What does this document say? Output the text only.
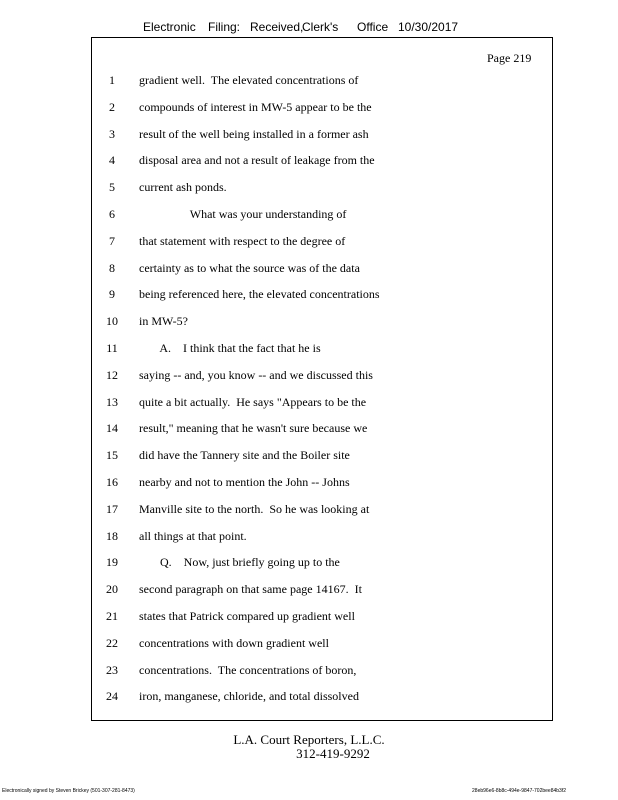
Electronic Filing: Received,
Clerk's Office 10/30/2017
Page 219
1	gradient well.  The elevated concentrations of
2	compounds of interest in MW-5 appear to be the
3	result of the well being installed in a former ash
4	disposal area and not a result of leakage from the
5	current ash ponds.
6	What was your understanding of
7	that statement with respect to the degree of
8	certainty as to what the source was of the data
9	being referenced here, the elevated concentrations
10	in MW-5?
11	A.    I think that the fact that he is
12	saying -- and, you know -- and we discussed this
13	quite a bit actually.  He says "Appears to be the
14	result," meaning that he wasn't sure because we
15	did have the Tannery site and the Boiler site
16	nearby and not to mention the John -- Johns
17	Manville site to the north.  So he was looking at
18	all things at that point.
19	Q.    Now, just briefly going up to the
20	second paragraph on that same page 14167.  It
21	states that Patrick compared up gradient well
22	concentrations with down gradient well
23	concentrations.  The concentrations of boron,
24	iron, manganese, chloride, and total dissolved
L.A. Court Reporters, L.L.C.
312-419-9292
Electronically signed by Steven Brickey (501-307-281-8473)	28eb96e6-8b8c-494e-9847-702bee84b3f2
